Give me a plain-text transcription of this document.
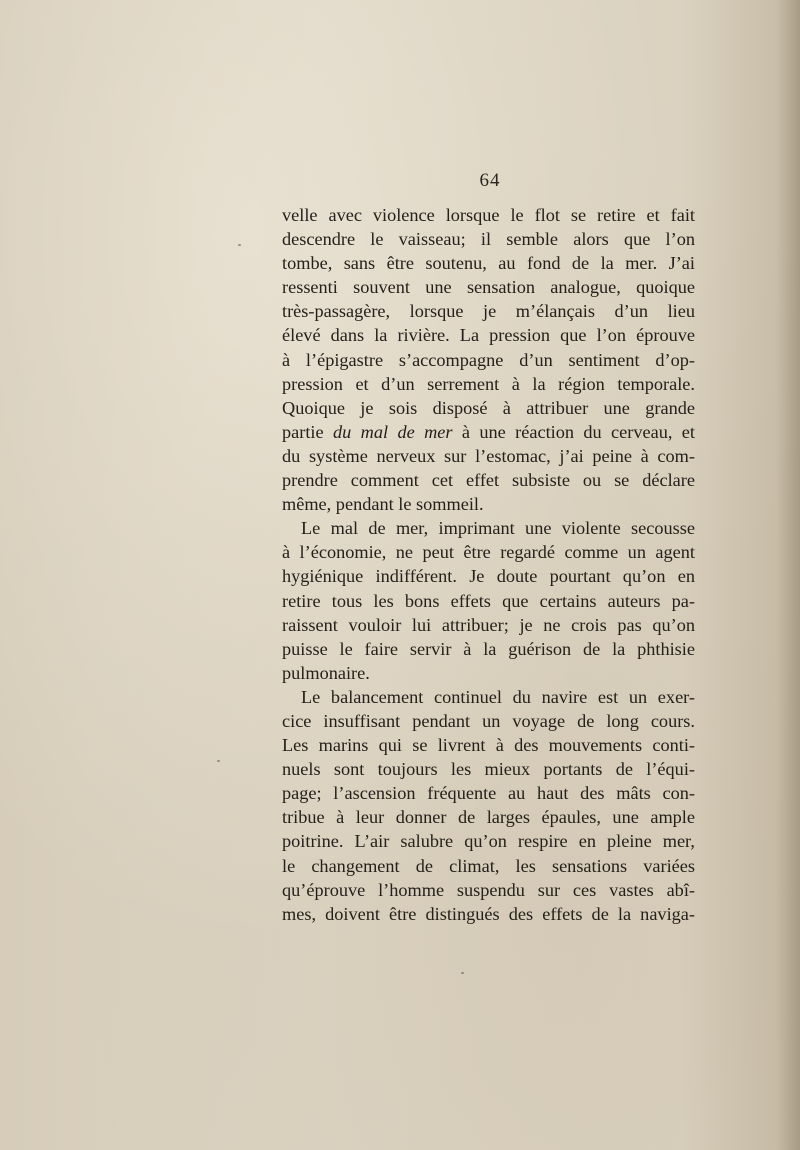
64
velle avec violence lorsque le flot se retire et fait
descendre le vaisseau; il semble alors que l’on
tombe, sans être soutenu, au fond de la mer. J’ai
ressenti souvent une sensation analogue, quoique
très-passagère, lorsque je m’élançais d’un lieu
élevé dans la rivière. La pression que l’on éprouve
à l’épigastre s’accompagne d’un sentiment d’op-
pression et d’un serrement à la région temporale.
Quoique je sois disposé à attribuer une grande
partie du mal de mer à une réaction du cerveau, et
du système nerveux sur l’estomac, j’ai peine à com-
prendre comment cet effet subsiste ou se déclare
même, pendant le sommeil.
Le mal de mer, imprimant une violente secousse
à l’économie, ne peut être regardé comme un agent
hygiénique indifférent. Je doute pourtant qu’on en
retire tous les bons effets que certains auteurs pa-
raissent vouloir lui attribuer; je ne crois pas qu’on
puisse le faire servir à la guérison de la phthisie
pulmonaire.
Le balancement continuel du navire est un exer-
cice insuffisant pendant un voyage de long cours.
Les marins qui se livrent à des mouvements conti-
nuels sont toujours les mieux portants de l’équi-
page; l’ascension fréquente au haut des mâts con-
tribue à leur donner de larges épaules, une ample
poitrine. L’air salubre qu’on respire en pleine mer,
le changement de climat, les sensations variées
qu’éprouve l’homme suspendu sur ces vastes abî-
mes, doivent être distingués des effets de la naviga-
